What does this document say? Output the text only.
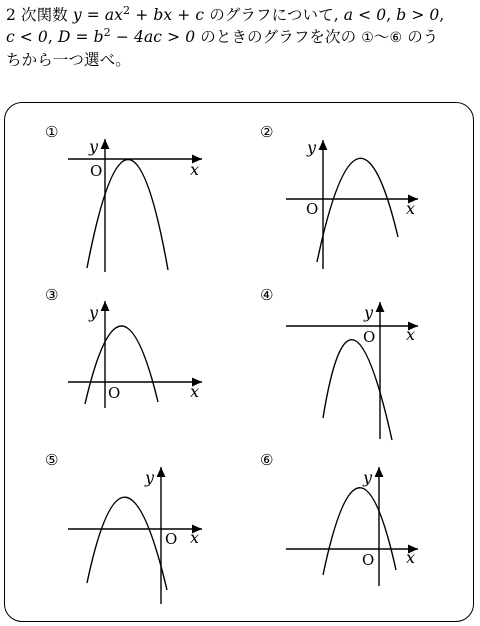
2 次関数 $y = ax^2$ + bx + c のグラフについて, a < 0, b > 0,
c < 0, $D = b^2 - 4ac > 0$ のときのグラフを次の ①〜⑥ のう
ちから一つ選べ。
①
y
x
O
②
y
x
O
③
y
x
O
④
y
x
O
⑤
y
x
O
⑥
y
x
O
